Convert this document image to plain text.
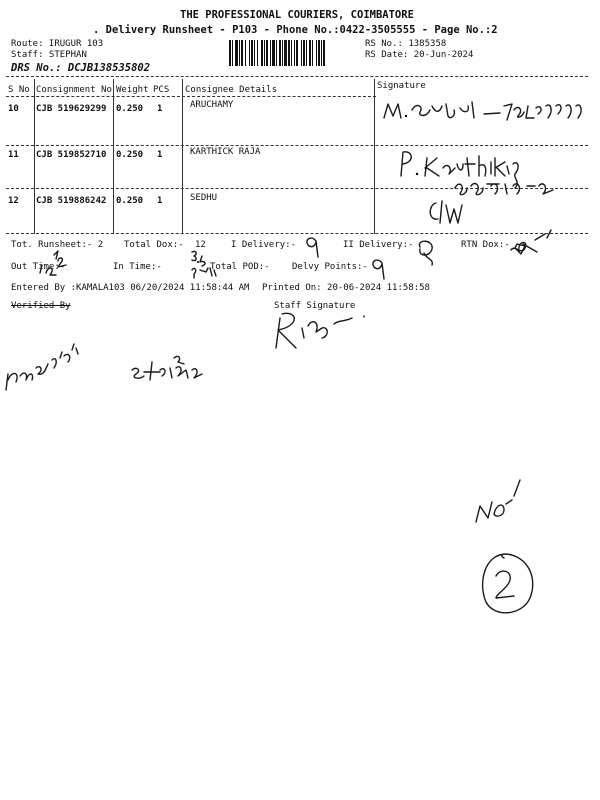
THE PROFESSIONAL COURIERS, COIMBATORE
. Delivery Runsheet - P103 - Phone No.:0422-3505555 - Page No.:2
Route: IRUGUR 103
Staff: STEPHAN
DRS No.: DCJB138535802
RS No.: 1385358
RS Date: 20-Jun-2024
S No Consignment No Weight PCS Consignee Details	Signature
10 CJB 519629299 0.250 1	ARUCHAMY
11 CJB 519852710 0.250 1	KARTHICK RAJA
12 CJB 519886242 0.250 1	SEDHU
Tot. Runsheet:- 2 Total Dox:- 12	I Delivery:-	II Delivery:-	RTN Dox:-
Out Time:-	In Time:-	Total POD:- Delvy Points:-
Entered By :KAMALA103 06/20/2024 11:58:44 AM Printed On: 20-06-2024 11:58:58
Verified By	Staff Signature
